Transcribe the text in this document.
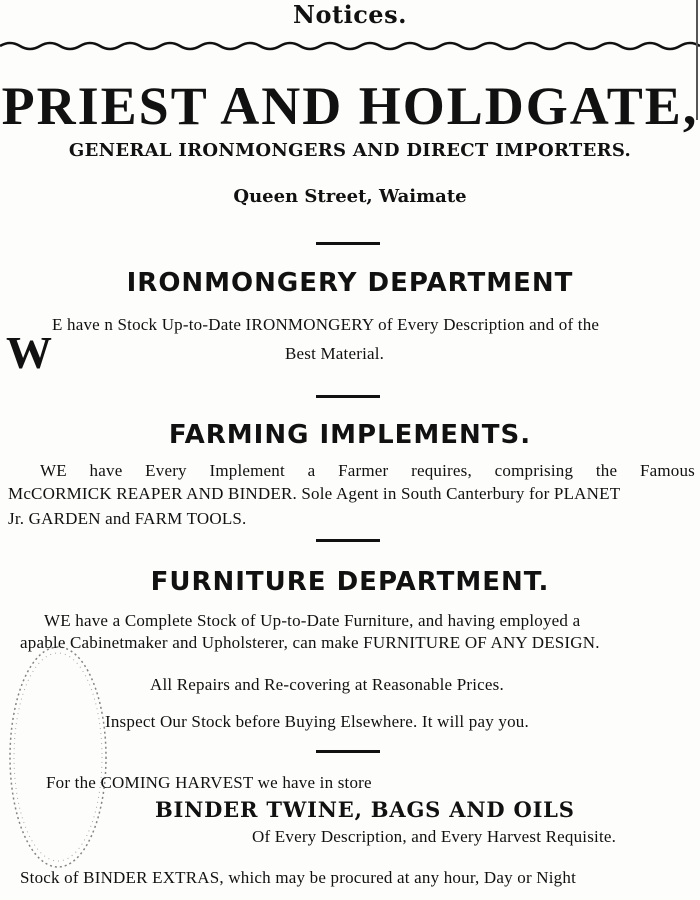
Notices.
PRIEST AND HOLDGATE,
GENERAL IRONMONGERS AND DIRECT IMPORTERS.
Queen Street, Waimate
IRONMONGERY DEPARTMENT
W
E have n Stock Up-to-Date IRONMONGERY of Every Description and of the
Best Material.
FARMING IMPLEMENTS.
WE have Every Implement a Farmer requires, comprising the Famous
McCORMICK REAPER AND BINDER. Sole Agent in South Canterbury for PLANET
Jr. GARDEN and FARM TOOLS.
FURNITURE DEPARTMENT.
WE have a Complete Stock of Up-to-Date Furniture, and having employed a
apable Cabinetmaker and Upholsterer, can make FURNITURE OF ANY DESIGN.
All Repairs and Re-covering at Reasonable Prices.
Inspect Our Stock before Buying Elsewhere. It will pay you.
For the COMING HARVEST we have in store
BINDER TWINE, BAGS AND OILS
Of Every Description, and Every Harvest Requisite.
Stock of BINDER EXTRAS, which may be procured at any hour, Day or Night
